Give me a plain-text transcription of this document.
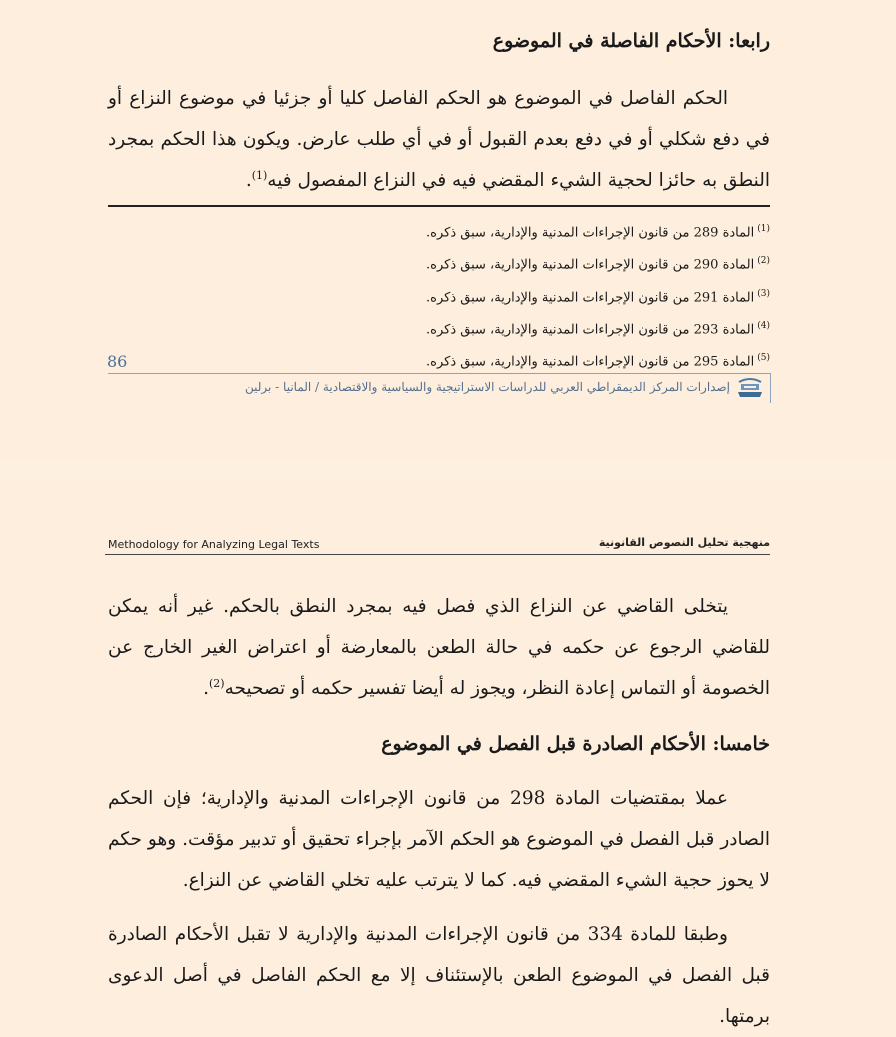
رابعا: الأحكام الفاصلة في الموضوع
الحكم الفاصل في الموضوع هو الحكم الفاصل كليا أو جزئيا في موضوع النزاع أو في دفع شكلي أو في دفع بعدم القبول أو في أي طلب عارض. ويكون هذا الحكم بمجرد النطق به حائزا لحجية الشيء المقضي فيه في النزاع المفصول فيه$^{(1)}$.
$^{(1)}$المادة 289 من قانون الإجراءات المدنية والإدارية، سبق ذكره.
$^{(2)}$المادة 290 من قانون الإجراءات المدنية والإدارية، سبق ذكره.
$^{(3)}$المادة 291 من قانون الإجراءات المدنية والإدارية، سبق ذكره.
$^{(4)}$المادة 293 من قانون الإجراءات المدنية والإدارية، سبق ذكره.
$^{(5)}$المادة 295 من قانون الإجراءات المدنية والإدارية، سبق ذكره.
86
إصدارات المركز الديمقراطي العربي للدراسات الاستراتيجية والسياسية والاقتصادية / المانيا - برلين
Methodology for Analyzing Legal Texts	منهجية تحليل النصوص القانونية
يتخلى القاضي عن النزاع الذي فصل فيه بمجرد النطق بالحكم. غير أنه يمكن للقاضي الرجوع عن حكمه في حالة الطعن بالمعارضة أو اعتراض الغير الخارج عن الخصومة أو التماس إعادة النظر، ويجوز له أيضا تفسير حكمه أو تصحيحه$^{(2)}$.
خامسا: الأحكام الصادرة قبل الفصل في الموضوع
عملا بمقتضيات المادة 298 من قانون الإجراءات المدنية والإدارية؛ فإن الحكم الصادر قبل الفصل في الموضوع هو الحكم الآمر بإجراء تحقيق أو تدبير مؤقت. وهو حكم لا يحوز حجية الشيء المقضي فيه. كما لا يترتب عليه تخلي القاضي عن النزاع.
وطبقا للمادة 334 من قانون الإجراءات المدنية والإدارية لا تقبل الأحكام الصادرة قبل الفصل في الموضوع الطعن بالإستئناف إلا مع الحكم الفاصل في أصل الدعوى برمتها.
